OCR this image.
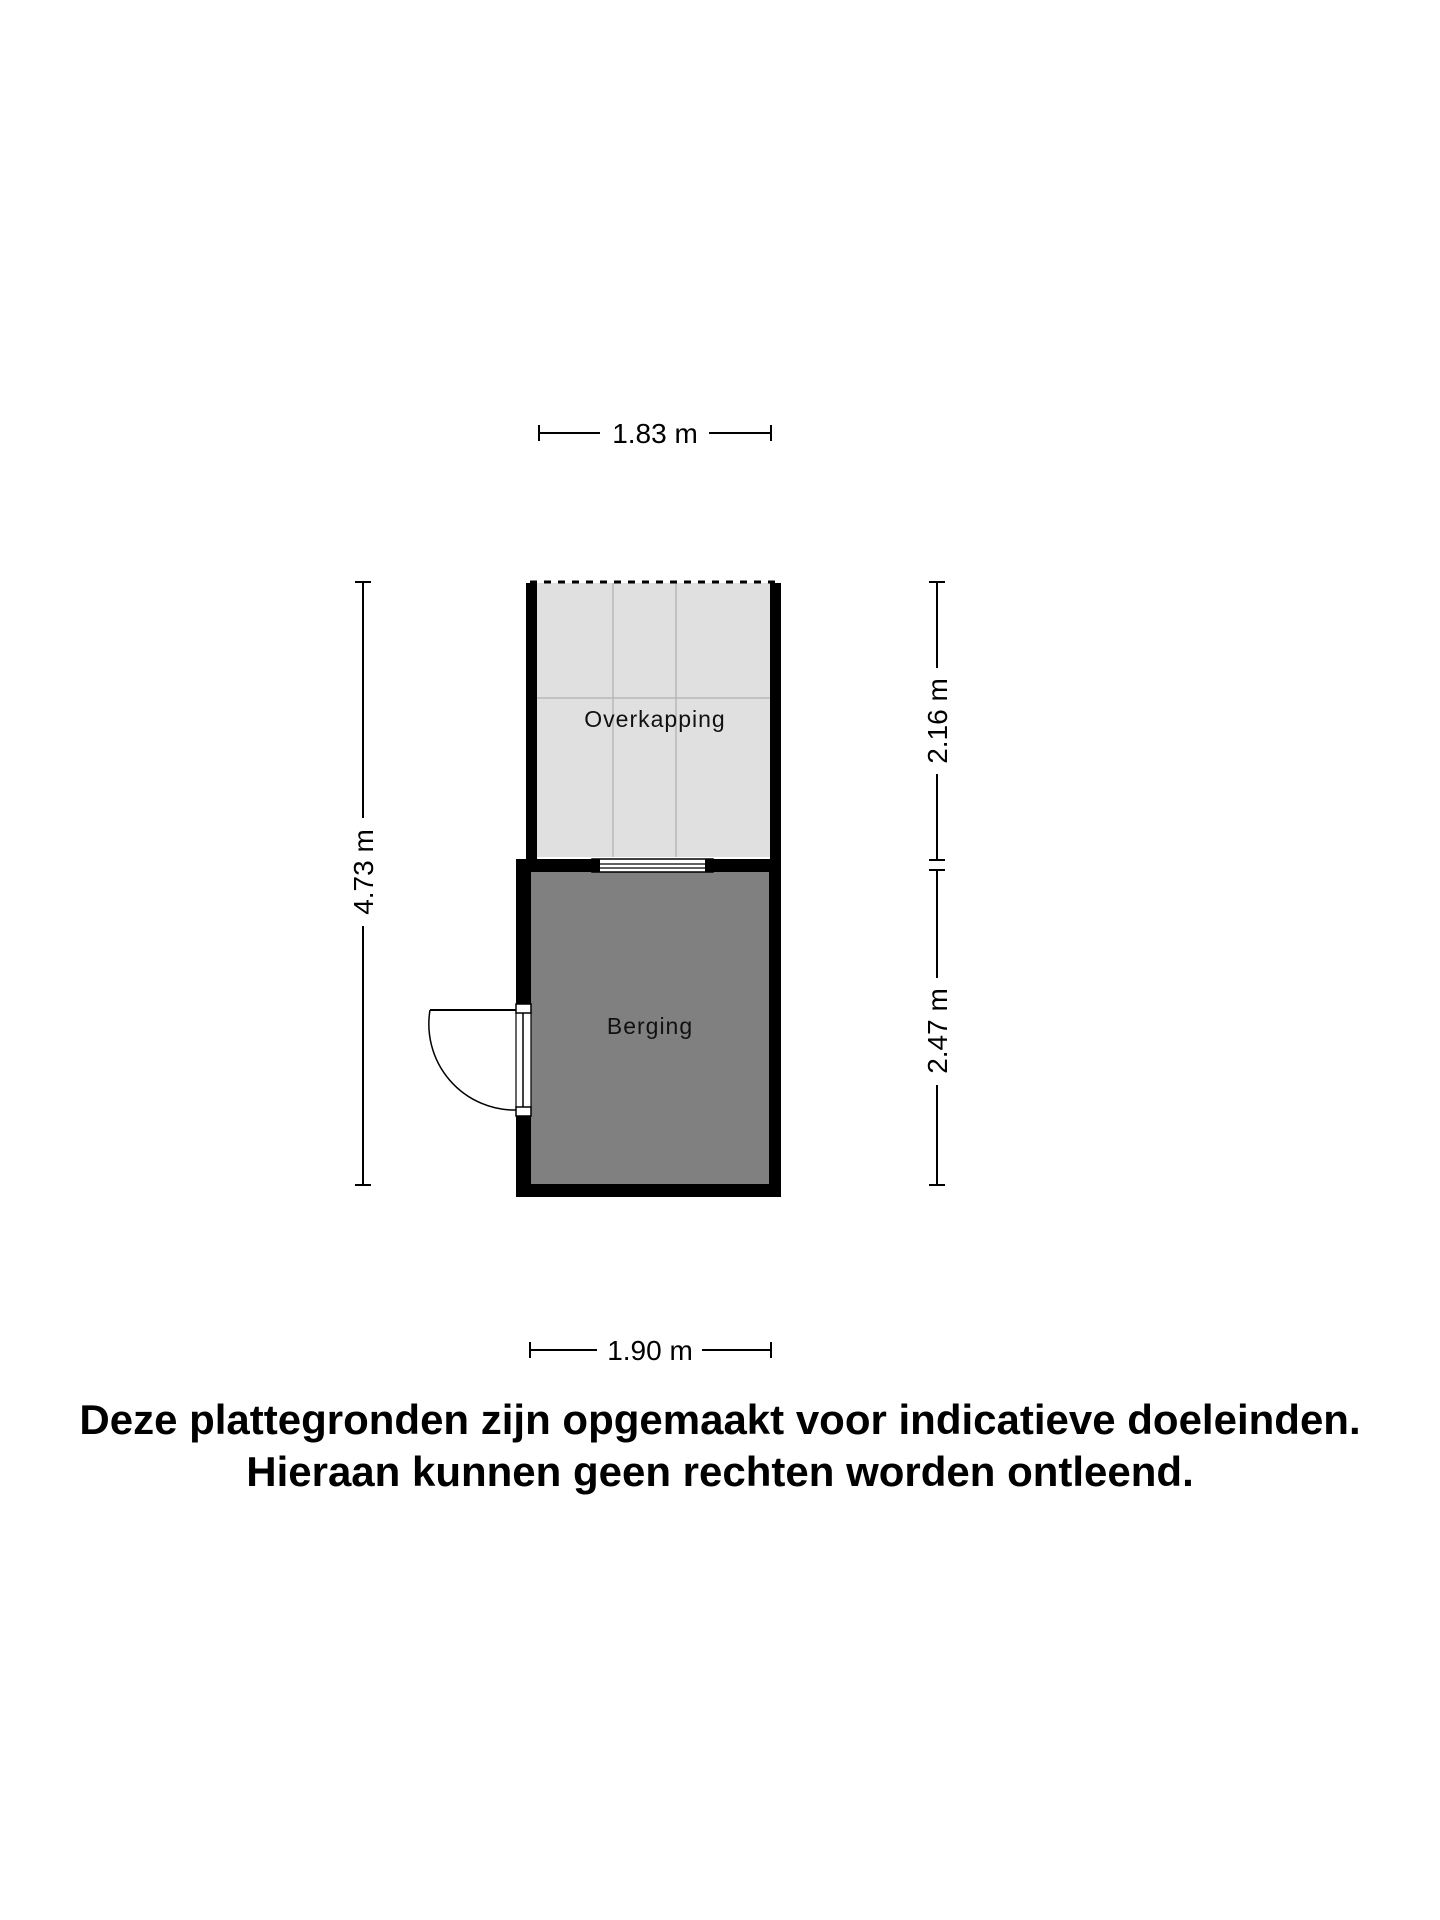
1.83 m
4.73 m
2.16 m
2.47 m
1.90 m
Overkapping
Berging
Deze plattegronden zijn opgemaakt voor indicatieve doeleinden.
Hieraan kunnen geen rechten worden ontleend.
